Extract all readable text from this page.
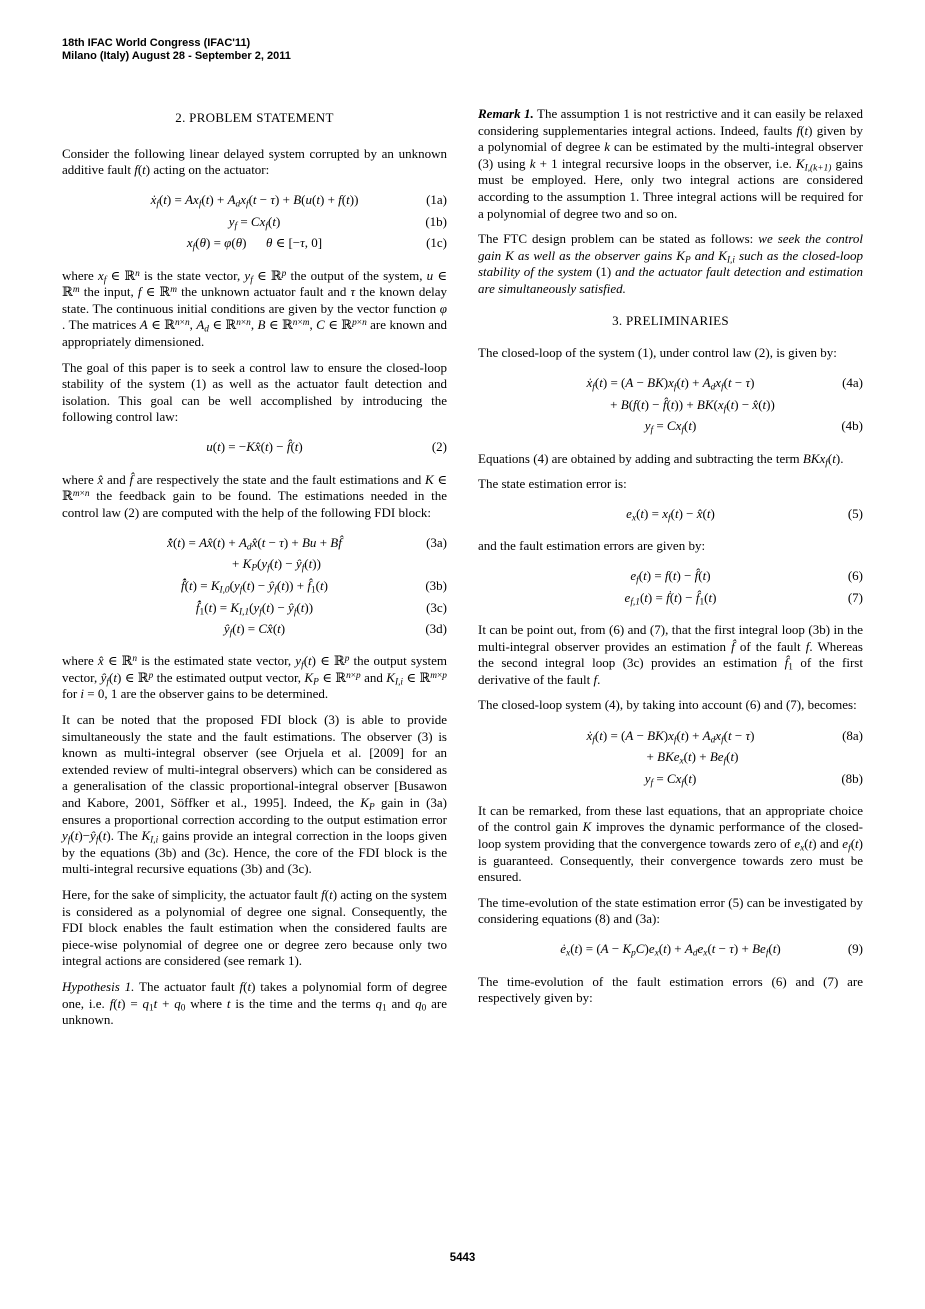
18th IFAC World Congress (IFAC'11)
Milano (Italy) August 28 - September 2, 2011
2. PROBLEM STATEMENT

Consider the following linear delayed system corrupted by an unknown additive fault f(t) acting on the actuator:

ẋ$_f$(t) = $Ax_f(t) + A_dx_f(t - \tau) + B(u(t) + f(t))$	(1a)
$y_f = Cx_f(t)$	(1b)
$x_f(\theta) = \varphi(\theta)$  θ ∈ [−τ, 0]	(1c)

where $x_f$ ∈ ℝ$^n$ is the state vector, $y_f$ ∈ ℝ$^p$ the output of the system, u ∈ ℝ$^m$ the input, f ∈ ℝ$^m$ the unknown actuator fault and τ the known delay state. The continuous initial conditions are given by the vector function φ . The matrices A ∈ ℝ$^{n\times n}$, $A_d$ ∈ ℝ$^{n\times n}$, B ∈ ℝ$^{n\times m}$, C ∈ ℝ$^{p\times n}$ are known and appropriately dimensioned.

The goal of this paper is to seek a control law to ensure the closed-loop stability of the system (1) as well as the actuator fault detection and isolation. This goal can be well accomplished by introducing the following control law:

u(t) = −Kx̂(t) − f̂(t)	(2)

where x̂ and f̂ are respectively the state and the fault estimations and K ∈ ℝ$^{m\times n}$ the feedback gain to be found. The estimations needed in the control law (2) are computed with the help of the following FDI block:

x̂̇(t) = Ax̂(t) + $A_dx̂(t - \tau) + Bu$ + Bf̂	(3a)
+ $K_P(y_f(t)$ − $ŷ_f(t)$)
f̂̇(t) = $K_{I,0}(y_f(t)$ − $ŷ_f(t)$) + $f̂_1(t)$	(3b)
$f̂̇_1(t) = K_{I,1}(y_f(t)$ − $ŷ_f(t)$)	(3c)
$ŷ_f(t)$ = Cx̂(t)	(3d)

where x̂ ∈ ℝ$^n$ is the estimated state vector, $y_f(t)$ ∈ ℝ$^p$ the output system vector, $ŷ_f(t)$ ∈ ℝ$^p$ the estimated output vector, $K_P$ ∈ ℝ$^{n\times p}$ and $K_{I,i}$ ∈ ℝ$^{m\times p}$ for i = 0, 1 are the observer gains to be determined.

It can be noted that the proposed FDI block (3) is able to provide simultaneously the state and the fault estimations. The observer (3) is known as multi-integral observer (see Orjuela et al. [2009] for an extended review of multi-integral observers) which can be considered as a generalisation of the classic proportional-integral observer [Busawon and Kabore, 2001, Söffker et al., 1995]. Indeed, the $K_P$ gain in (3a) ensures a proportional correction according to the output estimation error $y_f(t)-ŷ_f(t)$. The $K_{I,i}$ gains provide an integral correction in the loops given by the equations (3b) and (3c). Hence, the core of the FDI block is the multi-integral recursive equations (3b) and (3c).

Here, for the sake of simplicity, the actuator fault f(t) acting on the system is considered as a polynomial of degree one signal. Consequently, the FDI block enables the fault estimation when the considered faults are piece-wise polynomial of degree one or degree zero because only two integral actions are considered (see remark 1).

Hypothesis 1. The actuator fault f(t) takes a polynomial form of degree one, i.e. $f(t) = q_1t + q_0$ where t is the time and the terms $q_1$ and $q_0$ are unknown.

Remark 1. The assumption 1 is not restrictive and it can easily be relaxed considering supplementaries integral actions. Indeed, faults f(t) given by a polynomial of degree k can be estimated by the multi-integral observer (3) using k + 1 integral recursive loops in the observer, i.e. $K_{I,(k+1)}$ gains must be employed. Here, only two integral actions are considered according to the assumption 1. Three integral actions will be required for a polynomial of degree two and so on.

The FTC design problem can be stated as follows: we seek the control gain K as well as the observer gains $K_P$ and $K_{I,i}$ such as the closed-loop stability of the system (1) and the actuator fault detection and estimation are simultaneously satisfied.

3. PRELIMINARIES

The closed-loop of the system (1), under control law (2), is given by:

ẋ$_f$(t) = $(A - BK)x_f(t) + A_dx_f(t - \tau)$	(4a)
+ B(f(t) − f̂(t)) + $BK(x_f(t)$ − x̂(t))
$y_f = Cx_f(t)$	(4b)

Equations (4) are obtained by adding and subtracting the term BKx$_f$(t).

The state estimation error is:

$e_x(t) = x_f(t)$ − x̂(t)	(5)

and the fault estimation errors are given by:

$e_f(t) = f(t)$ − f̂(t)	(6)
$e_{f,1}(t)$ = ḟ(t) − $f̂_1(t)$	(7)

It can be point out, from (6) and (7), that the first integral loop (3b) in the multi-integral observer provides an estimation f̂ of the fault f. Whereas the second integral loop (3c) provides an estimation $f̂_1$ of the first derivative of the fault f.

The closed-loop system (4), by taking into account (6) and (7), becomes:

ẋ$_f$(t) = $(A - BK)x_f(t) + A_dx_f(t - \tau)$	(8a)
+ $BKe_x(t) + Be_f(t)$
$y_f = Cx_f(t)$	(8b)

It can be remarked, from these last equations, that an appropriate choice of the control gain K improves the dynamic performance of the closed-loop system providing that the convergence towards zero of $e_x(t)$ and $e_f(t)$ is guaranteed. Consequently, their convergence towards zero must be ensured.

The time-evolution of the state estimation error (5) can be investigated by considering equations (8) and (3a):

$ė_x(t) = (A - K_pC)e_x(t) + A_de_x(t - \tau) + Be_f(t)$	(9)

The time-evolution of the fault estimation errors (6) and (7) are respectively given by:

5443
